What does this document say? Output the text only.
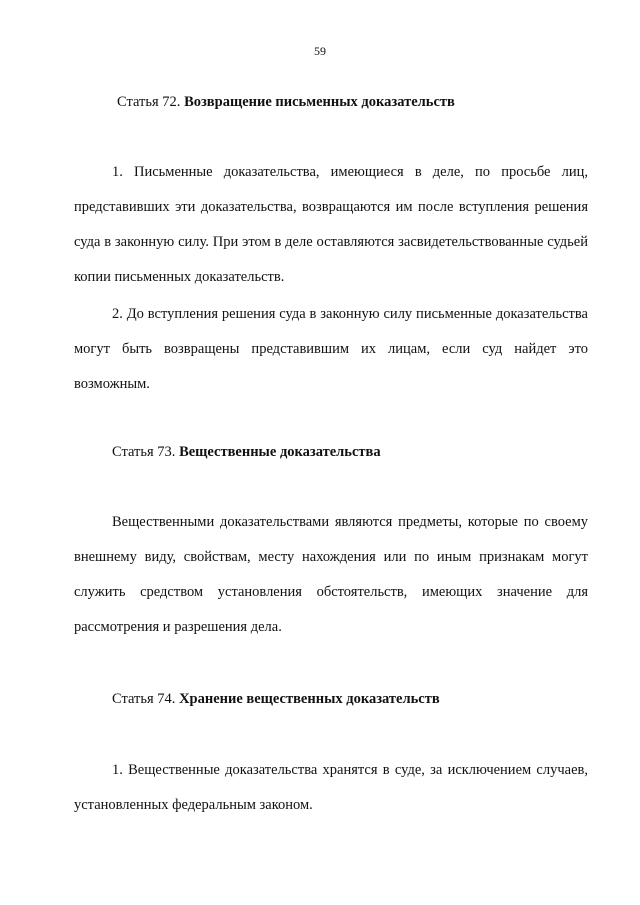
59
Статья 72. Возвращение письменных доказательств

1. Письменные доказательства, имеющиеся в деле, по просьбе лиц, представивших эти доказательства, возвращаются им после вступления решения суда в законную силу. При этом в деле оставляются засвидетельствованные судьей копии письменных доказательств.

2. До вступления решения суда в законную силу письменные доказательства могут быть возвращены представившим их лицам, если суд найдет это возможным.

Статья 73. Вещественные доказательства

Вещественными доказательствами являются предметы, которые по своему внешнему виду, свойствам, месту нахождения или по иным признакам могут служить средством установления обстоятельств, имеющих значение для рассмотрения и разрешения дела.

Статья 74. Хранение вещественных доказательств

1. Вещественные доказательства хранятся в суде, за исключением случаев, установленных федеральным законом.
